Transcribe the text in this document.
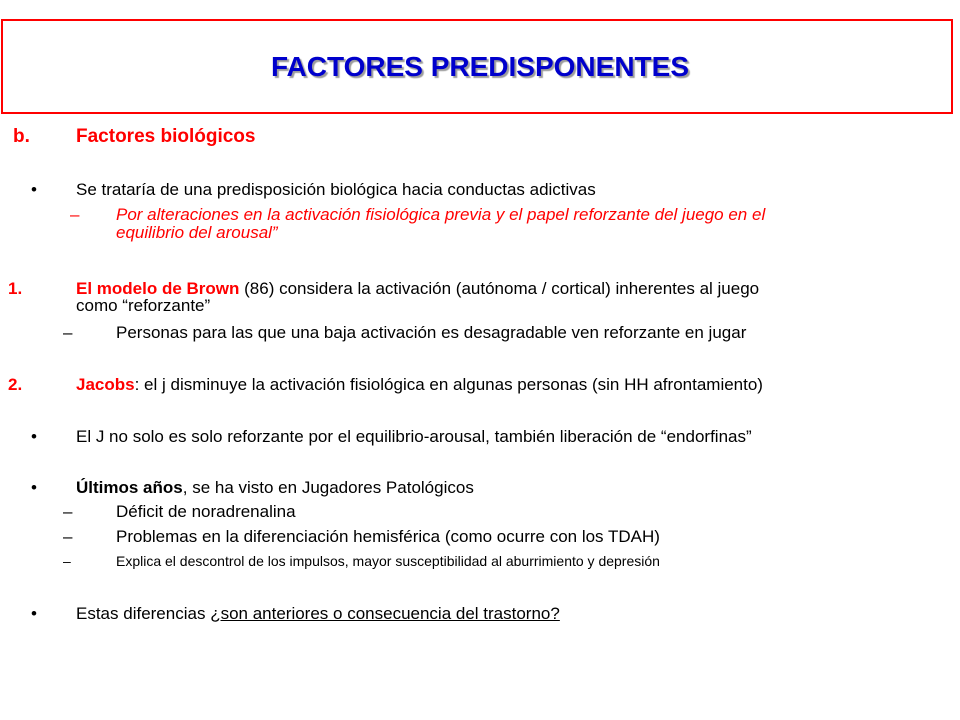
FACTORES PREDISPONENTES
b. Factores biológicos
• Se trataría de una predisposición biológica hacia conductas adictivas
– Por alteraciones en la activación fisiológica previa y el papel reforzante del juego en el
equilibrio del arousal”
1.	El modelo de Brown (86) considera la activación (autónoma / cortical) inherentes al juego
como “reforzante”
–	Personas para las que una baja activación es desagradable ven reforzante en jugar
2.	Jacobs: el j disminuye la activación fisiológica en algunas personas (sin HH afrontamiento)
• El J no solo es solo reforzante por el equilibrio-arousal, también liberación de “endorfinas”
• Últimos años, se ha visto en Jugadores Patológicos
–	Déficit de noradrenalina
–	Problemas en la diferenciación hemisférica (como ocurre con los TDAH)
–	Explica el descontrol de los impulsos, mayor susceptibilidad al aburrimiento y depresión
• Estas diferencias ¿son anteriores o consecuencia del trastorno?
